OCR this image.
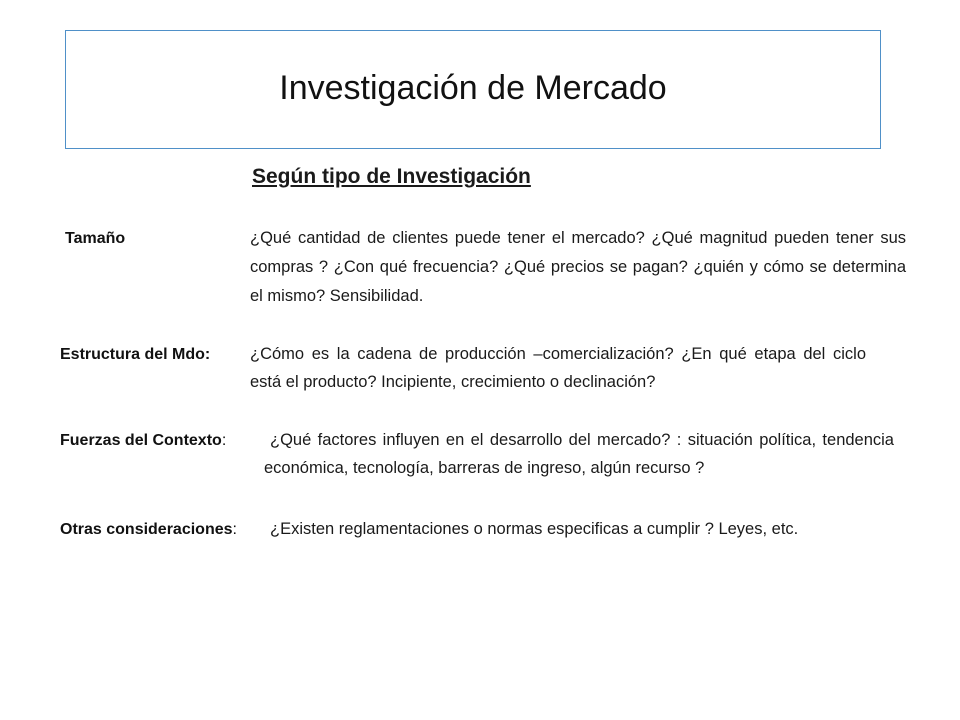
Investigación de Mercado
Según tipo de Investigación
Tamaño	¿Qué cantidad de clientes puede tener el mercado? ¿Qué magnitud pueden tener sus compras ? ¿Con qué frecuencia? ¿Qué precios se pagan? ¿quién y cómo se determina el mismo? Sensibilidad.
Estructura del Mdo: ¿Cómo es la cadena de producción –comercialización? ¿En qué etapa del ciclo está el producto? Incipiente, crecimiento o declinación?
Fuerzas del Contexto:	¿Qué factores influyen en el desarrollo del mercado? : situación política, tendencia económica, tecnología, barreras de ingreso, algún recurso ?
Otras consideraciones: ¿Existen reglamentaciones o normas especificas a cumplir ? Leyes, etc.
